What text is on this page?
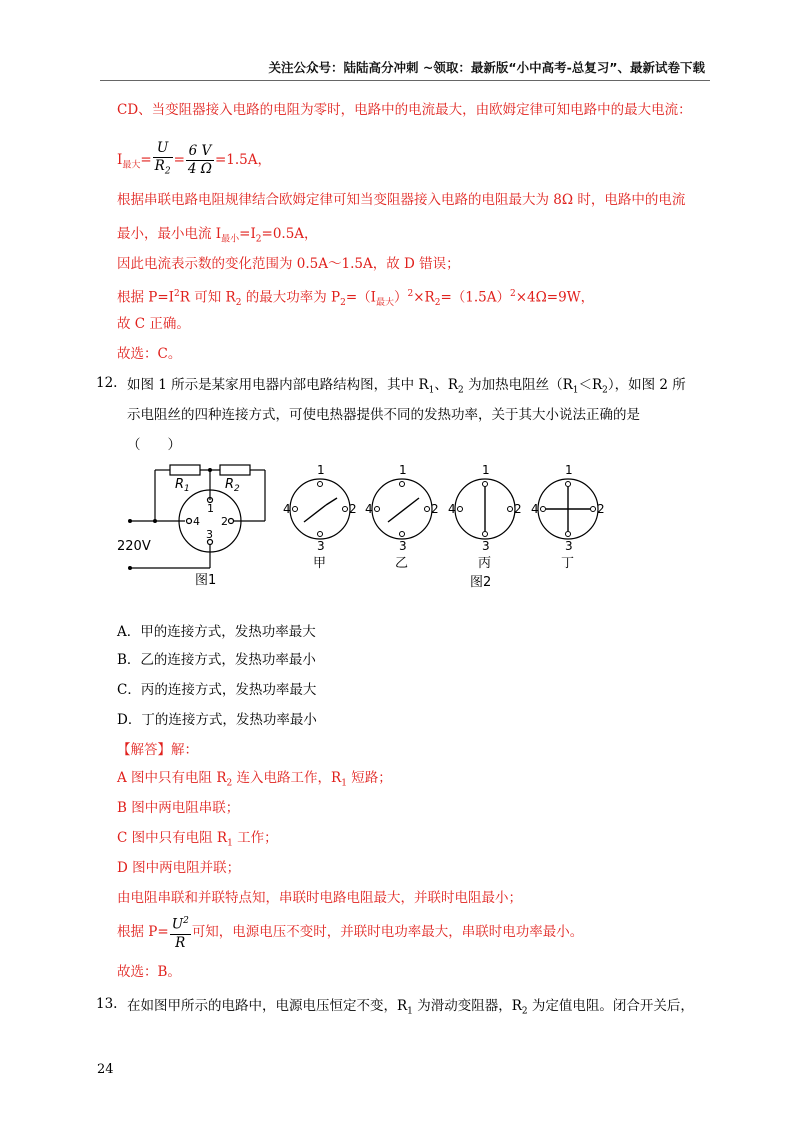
关注公众号：陆陆高分冲刺 ~领取：最新版“小中高考-总复习”、最新试卷下载
CD、当变阻器接入电路的电阻为零时，电路中的电流最大，由欧姆定律可知电路中的最大电流：
$I_{最大}= \frac{U}{R_2} = \frac{6 V}{4 \Omega} =1.5A$，
根据串联电路电阻规律结合欧姆定律可知当变阻器接入电路的电阻最大为 8Ω 时，电路中的电流
最小，最小电流 $I_{最小}=I_2=0.5A$，
因此电流表示数的变化范围为 0.5A～1.5A，故 D 错误；
根据 $P=I^2R$ 可知 $R_2$ 的最大功率为 $P_2=(I_{最大})^2\times R_2=(1.5A)^2\times 4\Omega=9W$，
故 C 正确。
故选：C。
12. 如图 1 所示是某家用电器内部电路结构图，其中 $R_1$、$R_2$ 为加热电阻丝$(R_1<R_2)$，如图 2 所
示电阻丝的四种连接方式，可使电热器提供不同的发热功率，关于其大小说法正确的是
（　　）
$R_1$	$R_2$
1
2
3
4
220V
图1
1
2
3
4
甲
1
2
3
4
乙
1
2
3
4
丙
1
2
3
4
丁
图2
A．甲的连接方式，发热功率最大
B．乙的连接方式，发热功率最小
C．丙的连接方式，发热功率最大
D．丁的连接方式，发热功率最小
【解答】解：
A 图中只有电阻 $R_2$ 连入电路工作，$R_1$ 短路；
B 图中两电阻串联；
C 图中只有电阻 $R_1$ 工作；
D 图中两电阻并联；
由电阻串联和并联特点知，串联时电路电阻最大，并联时电阻最小；
根据 $P= \frac{U^2}{R}$ 可知，电源电压不变时，并联时电功率最大，串联时电功率最小。
故选：B。
13. 在如图甲所示的电路中，电源电压恒定不变，$R_1$ 为滑动变阻器，$R_2$ 为定值电阻。闭合开关后，
24
